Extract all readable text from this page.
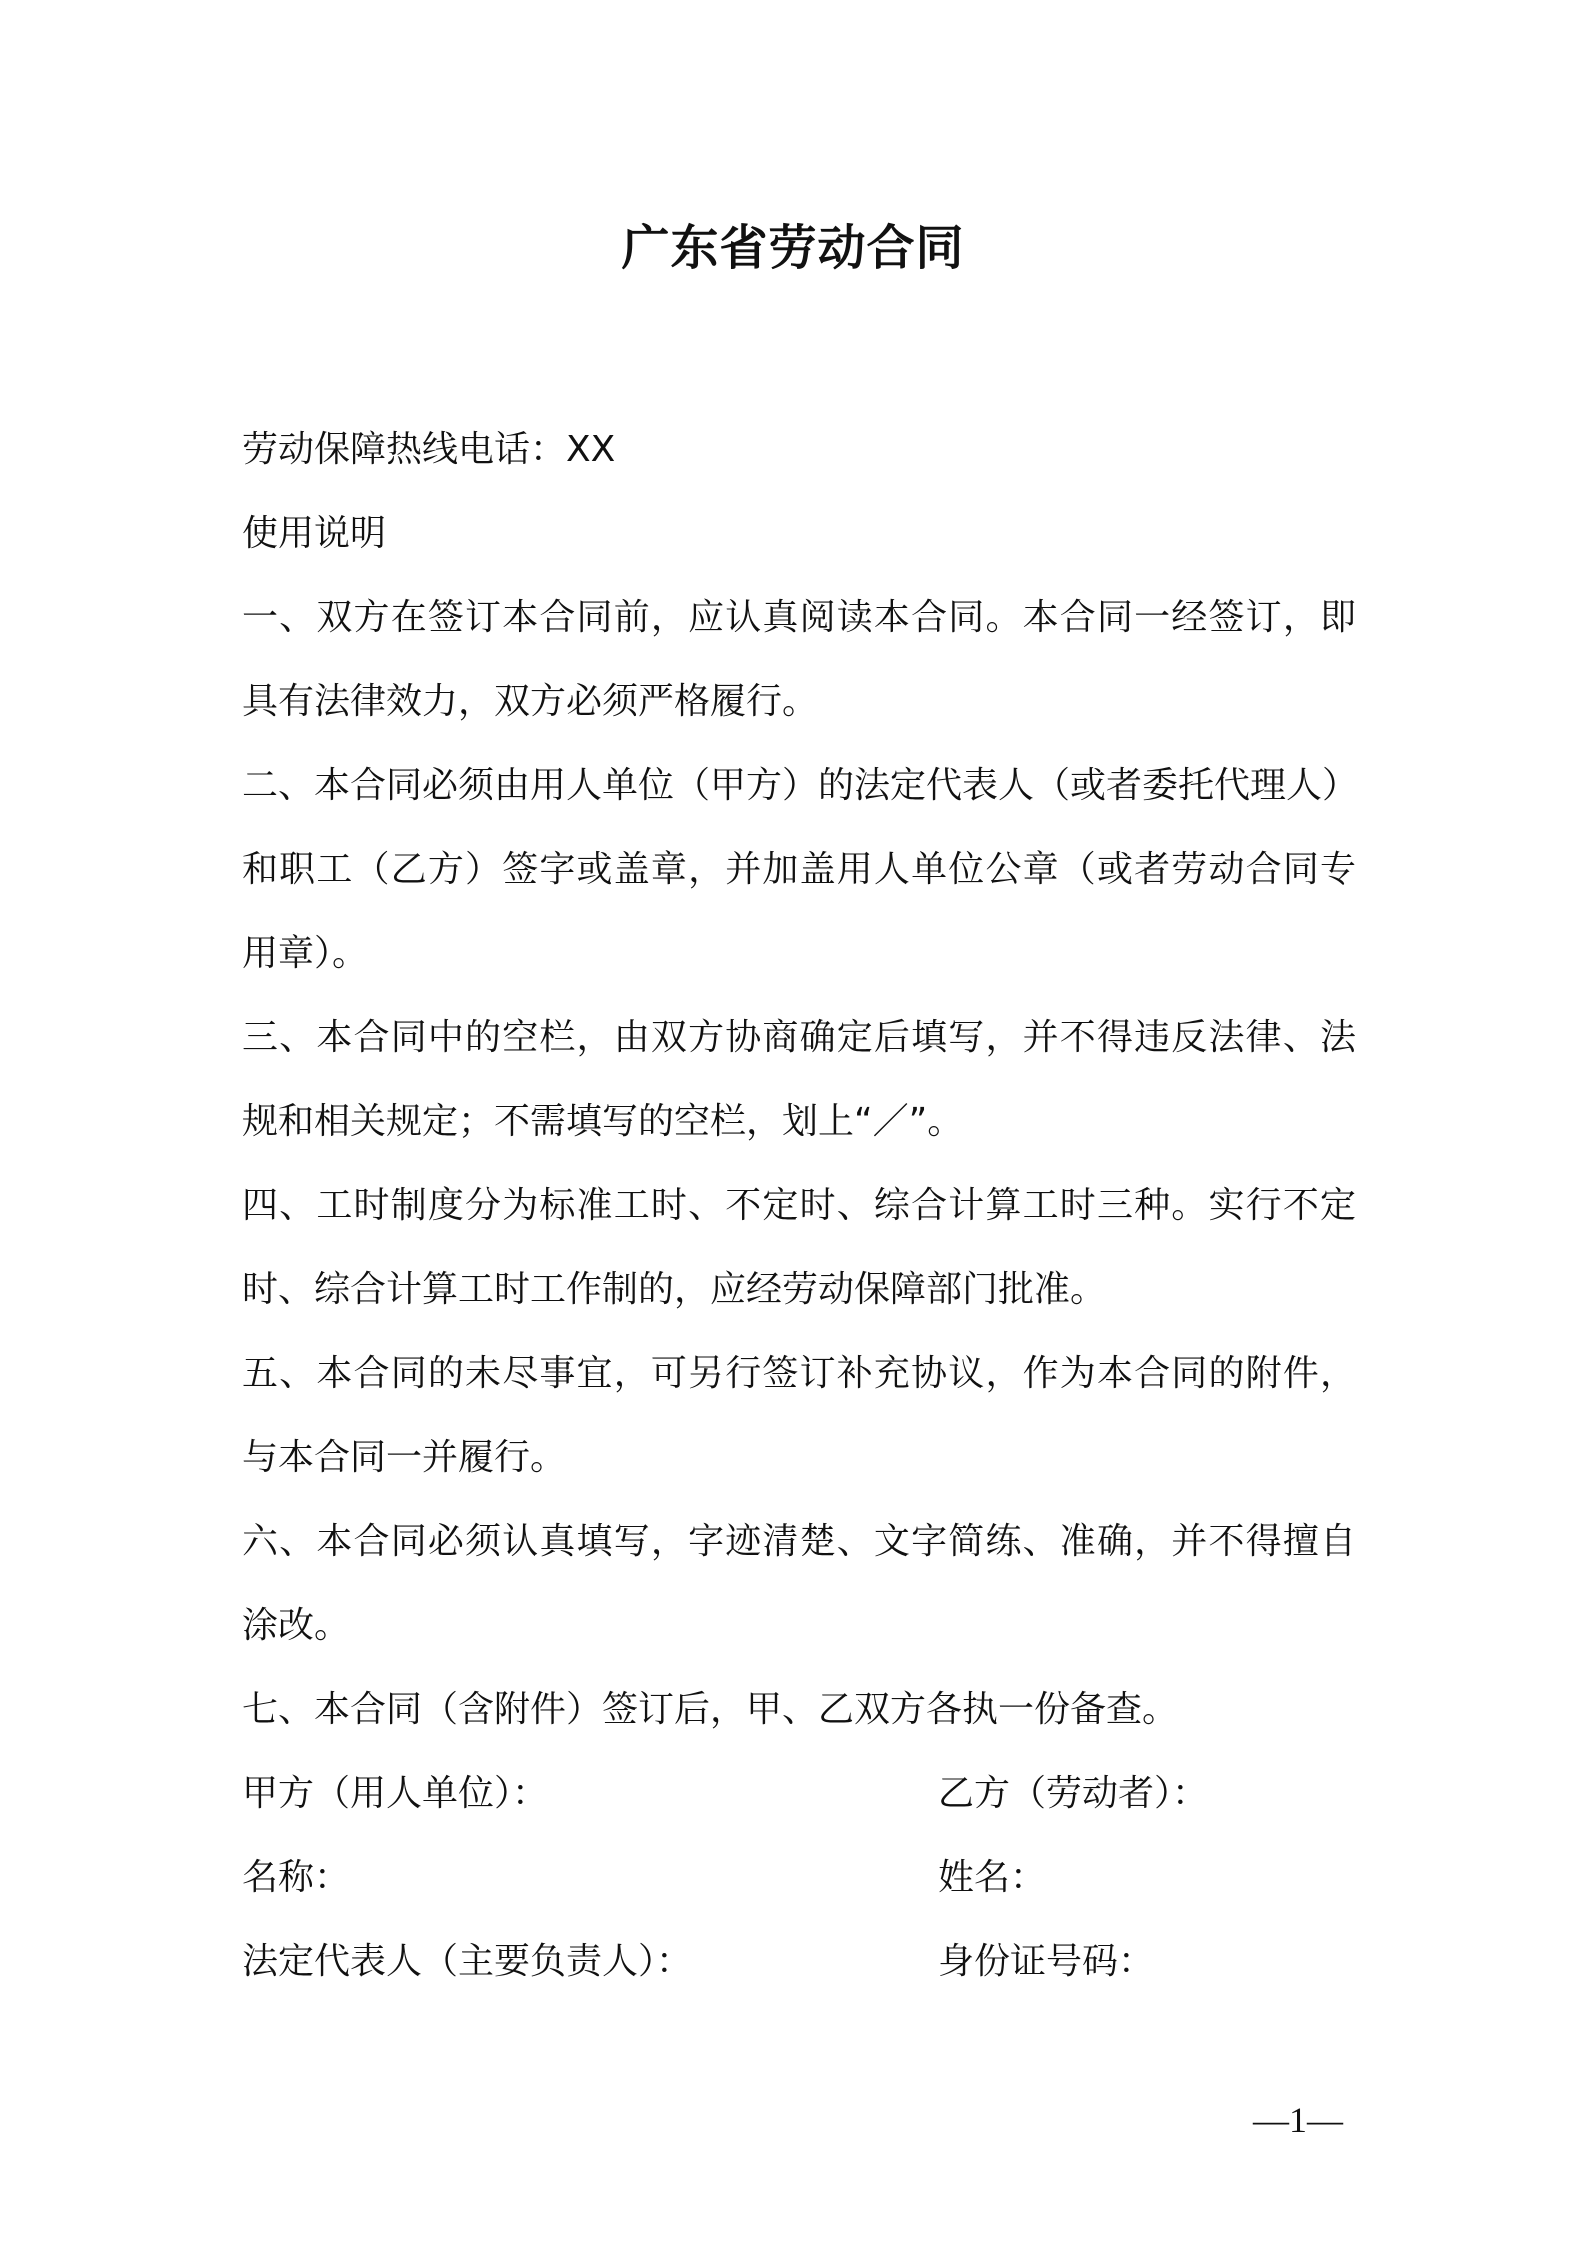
广东省劳动合同
劳动保障热线电话：XX
使用说明
一、双方在签订本合同前，应认真阅读本合同。本合同一经签订，即
具有法律效力，双方必须严格履行。
二、本合同必须由用人单位（甲方）的法定代表人（或者委托代理人）
和职工（乙方）签字或盖章，并加盖用人单位公章（或者劳动合同专
用章）。
三、本合同中的空栏，由双方协商确定后填写，并不得违反法律、法
规和相关规定；不需填写的空栏，划上“／”。
四、工时制度分为标准工时、不定时、综合计算工时三种。实行不定
时、综合计算工时工作制的，应经劳动保障部门批准。
五、本合同的未尽事宜，可另行签订补充协议，作为本合同的附件，
与本合同一并履行。
六、本合同必须认真填写，字迹清楚、文字简练、准确，并不得擅自
涂改。
七、本合同（含附件）签订后，甲、乙双方各执一份备查。
甲方（用人单位）：	乙方（劳动者）：
名称：	姓名：
法定代表人（主要负责人）：	身份证号码：
—1—
